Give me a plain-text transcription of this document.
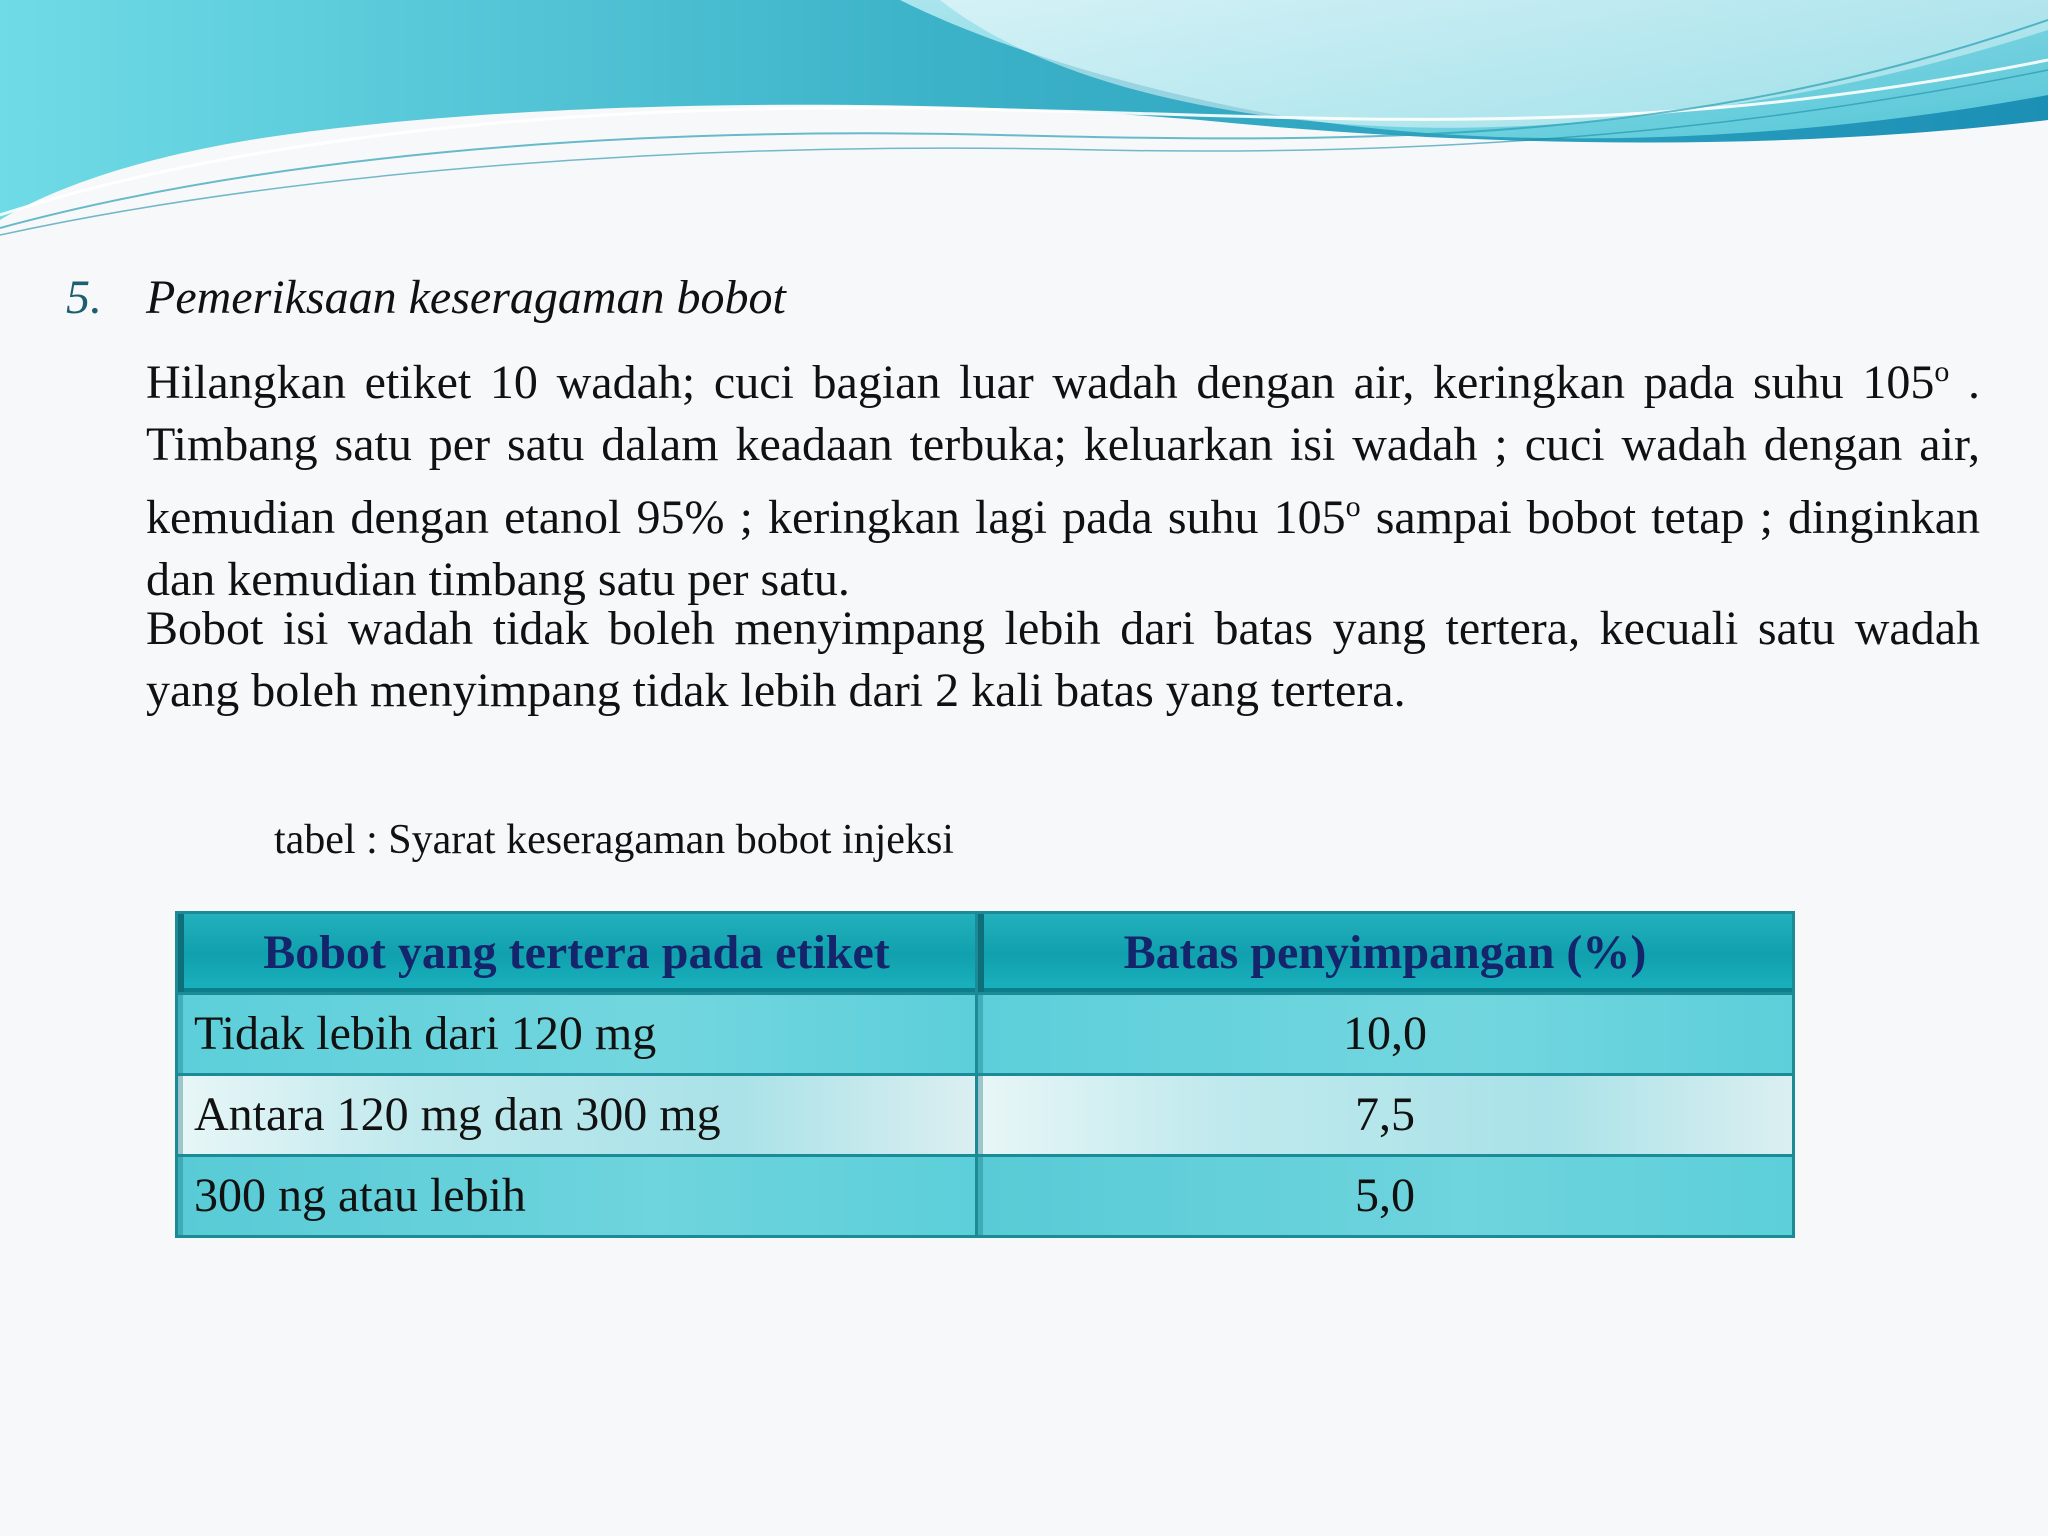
5. Pemeriksaan keseragaman bobot
Hilangkan etiket 10 wadah; cuci bagian luar wadah dengan air, keringkan pada suhu 105$^o$ . Timbang satu per satu dalam keadaan terbuka; keluarkan isi wadah ; cuci wadah dengan air, kemudian dengan etanol 95% ; keringkan lagi pada suhu 105$^o$ sampai bobot tetap ; dinginkan dan kemudian timbang satu per satu.
Bobot isi wadah tidak boleh menyimpang lebih dari batas yang tertera, kecuali satu wadah yang boleh menyimpang tidak lebih dari 2 kali batas yang tertera.
tabel : Syarat keseragaman bobot injeksi
Bobot yang tertera pada etiket	Batas penyimpangan (%)
Tidak lebih dari 120 mg	10,0
Antara 120 mg dan 300 mg	7,5
300 ng atau lebih	5,0
